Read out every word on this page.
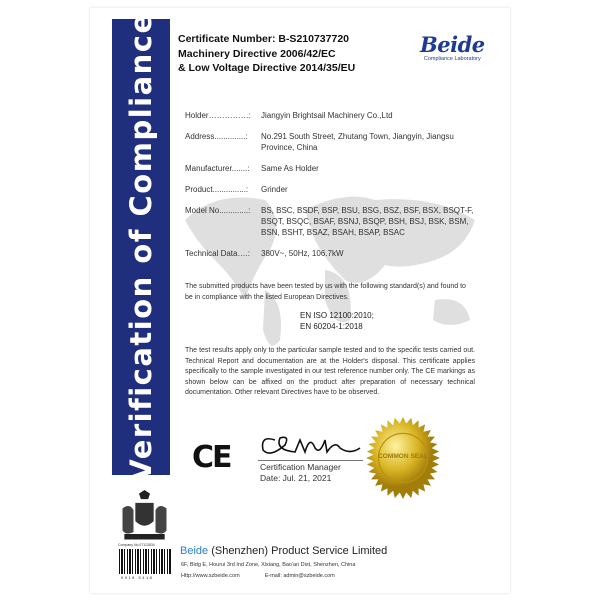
Verification of Compliance Certificate Number: B-S210737720
Machinery Directive 2006/42/EC
& Low Voltage Directive 2014/35/EU
Beide
Compliance Laboratory
Holder……………:	Jiangyin Brightsail Machinery Co.,Ltd
Address..............:	No.291 South Street, Zhutang Town, Jiangyin, Jiangsu Province, China
Manufacturer.......:	Same As Holder
Product...............:	Grinder
Model No.............:	BS, BSC, BSDF, BSP, BSU, BSG, BSZ, BSF, BSX, BSQT-F, BSQT, BSQC, BSAF, BSNJ, BSQP, BSH, BSJ, BSK, BSM, BSN, BSHT, BSAZ, BSAH, BSAP, BSAC
Technical Data….:	380V~, 50Hz, 106.7kW
The submitted products have been tested by us with the following standard(s) and found to be in compliance with the listed European Directives.
EN ISO 12100:2010;
EN 60204-1:2018
The test results apply only to the particular sample tested and to the specific tests carried out. Technical Report and documentation are at the Holder's disposal. This certificate applies specifically to the sample investigated in our test reference number only. The CE markings as shown below can be affixed on the product after preparation of necessary technical documentation. Other relevant Directives have to be observed.
CE	Certification Manager
Date: Jul. 21, 2021
COMMON SEAL
Company No.07113834
0918 5418
Beide (Shenzhen) Product Service Limited
6F, Bldg E, Hourui 3rd Ind Zone, Xixiang, Bao'an Dist, Shenzhen, China
Http://www.szbeide.com	E-mail: admin@szbeide.com
